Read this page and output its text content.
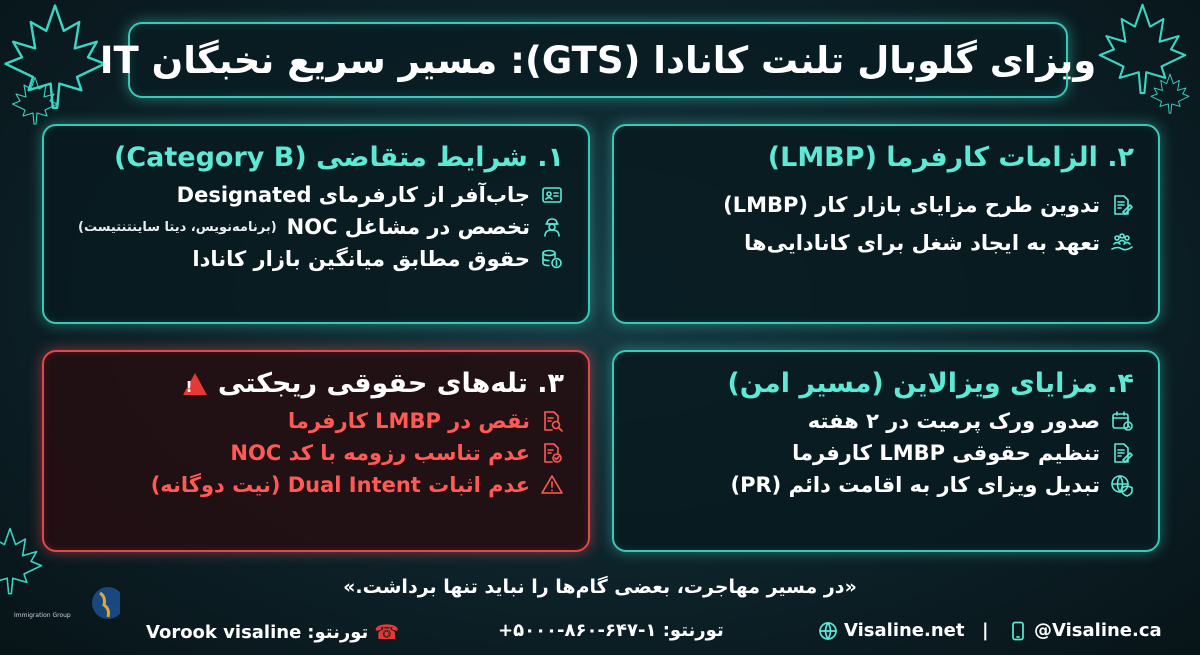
ویزای گلوبال تلنت کانادا (GTS): مسیر سریع نخبگان IT
۱. شرایط متقاضی (Category B)
جاب‌آفر از کارفرمای Designated
تخصص در مشاغل NOC
(برنامه‌نویس، دیتا ساینتنتیست)
حقوق مطابق میانگین بازار کانادا
۲. الزامات کارفرما (LMBP)
تدوین طرح مزایای بازار کار (LMBP)
تعهد به ایجاد شغل برای کانادایی‌ها
۳. تله‌های حقوقی ریجکتی
!
نقص در LMBP کارفرما
عدم تناسب رزومه با کد NOC
عدم اثبات Dual Intent (نیت دوگانه)
۴. مزایای ویزالاین (مسیر امن)
صدور ورک پرمیت در ۲ هفته
تنظیم حقوقی LMBP کارفرما
تبدیل ویزای کار به اقامت دائم (PR)
«در مسیر مهاجرت، بعضی گام‌ها را نباید تنها برداشت.»
Immigration Group
@Visaline.ca
|
Visaline.net
تورنتو: ۱-۶۴۷-۸۶۰-۵۰۰۰+
Vorook visaline تورنتو: ☎
